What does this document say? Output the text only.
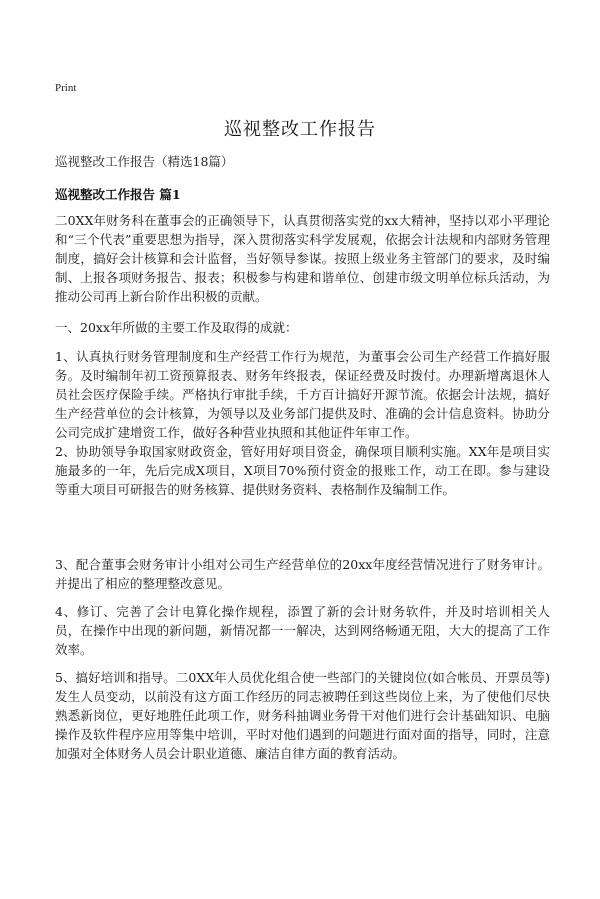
Print
巡视整改工作报告
巡视整改工作报告（精选18篇）
巡视整改工作报告 篇1
二0XX年财务科在董事会的正确领导下，认真贯彻落实党的xx大精神，坚持以邓小平理论和“三个代表”重要思想为指导，深入贯彻落实科学发展观，依据会计法规和内部财务管理制度，搞好会计核算和会计监督，当好领导参谋。按照上级业务主管部门的要求，及时编制、上报各项财务报告、报表；积极参与构建和谐单位、创建市级文明单位标兵活动，为推动公司再上新台阶作出积极的贡献。
一、20xx年所做的主要工作及取得的成就：
1、认真执行财务管理制度和生产经营工作行为规范，为董事会公司生产经营工作搞好服务。及时编制年初工资预算报表、财务年终报表，保证经费及时拨付。办理新增离退休人员社会医疗保险手续。严格执行审批手续，千方百计搞好开源节流。依据会计法规，搞好生产经营单位的会计核算，为领导以及业务部门提供及时、准确的会计信息资料。协助分公司完成扩建增资工作，做好各种营业执照和其他证件年审工作。
2、协助领导争取国家财政资金，管好用好项目资金，确保项目顺利实施。XX年是项目实施最多的一年，先后完成X项目，X项目70%预付资金的报账工作，动工在即。参与建设等重大项目可研报告的财务核算、提供财务资料、表格制作及编制工作。
3、配合董事会财务审计小组对公司生产经营单位的20xx年度经营情况进行了财务审计。并提出了相应的整理整改意见。
4、修订、完善了会计电算化操作规程，添置了新的会计财务软件，并及时培训相关人员，在操作中出现的新问题，新情况都一一解决，达到网络畅通无阻，大大的提高了工作效率。
5、搞好培训和指导。二0XX年人员优化组合使一些部门的关键岗位(如合帐员、开票员等)发生人员变动，以前没有这方面工作经历的同志被聘任到这些岗位上来，为了使他们尽快熟悉新岗位，更好地胜任此项工作，财务科抽调业务骨干对他们进行会计基础知识、电脑操作及软件程序应用等集中培训，平时对他们遇到的问题进行面对面的指导，同时，注意加强对全体财务人员会计职业道德、廉洁自律方面的教育活动。
